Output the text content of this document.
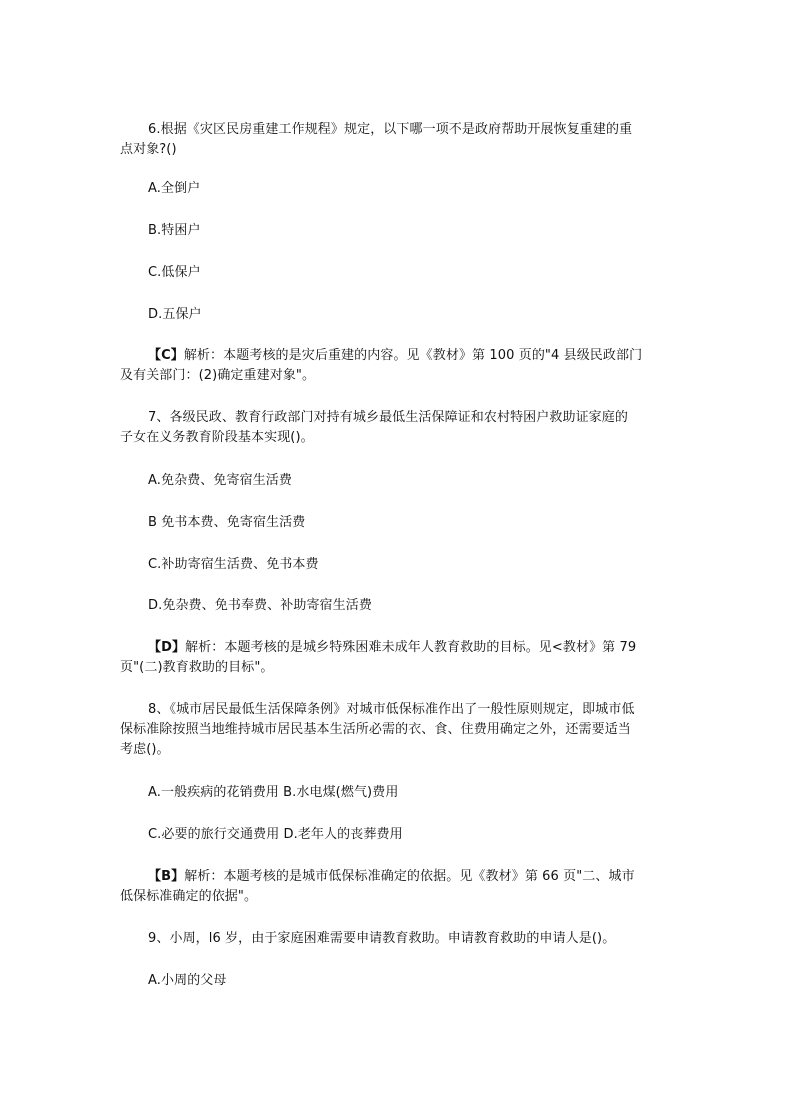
6.根据《灾区民房重建工作规程》规定，以下哪一项不是政府帮助开展恢复重建的重
点对象?()
A.全倒户
B.特困户
C.低保户
D.五保户
【C】解析：本题考核的是灾后重建的内容。见《教材》第 100 页的"4 县级民政部门
及有关部门：(2)确定重建对象"。
7、各级民政、教育行政部门对持有城乡最低生活保障证和农村特困户救助证家庭的
子女在义务教育阶段基本实现()。
A.免杂费、免寄宿生活费
B 免书本费、免寄宿生活费
C.补助寄宿生活费、免书本费
D.免杂费、免书奉费、补助寄宿生活费
【D】解析：本题考核的是城乡特殊困难未成年人教育救助的目标。见<教材》第 79
页"(二)教育救助的目标"。
8、《城市居民最低生活保障条例》对城市低保标准作出了一般性原则规定，即城市低
保标准除按照当地维持城市居民基本生活所必需的衣、食、住费用确定之外，还需要适当
考虑()。
A.一般疾病的花销费用 B.水电煤(燃气)费用
C.必要的旅行交通费用 D.老年人的丧葬费用
【B】解析：本题考核的是城市低保标准确定的依据。见《教材》第 66 页"二、城市
低保标准确定的依据"。
9、小周，l6 岁，由于家庭困难需要申请教育救助。申请教育救助的申请人是()。
A.小周的父母
